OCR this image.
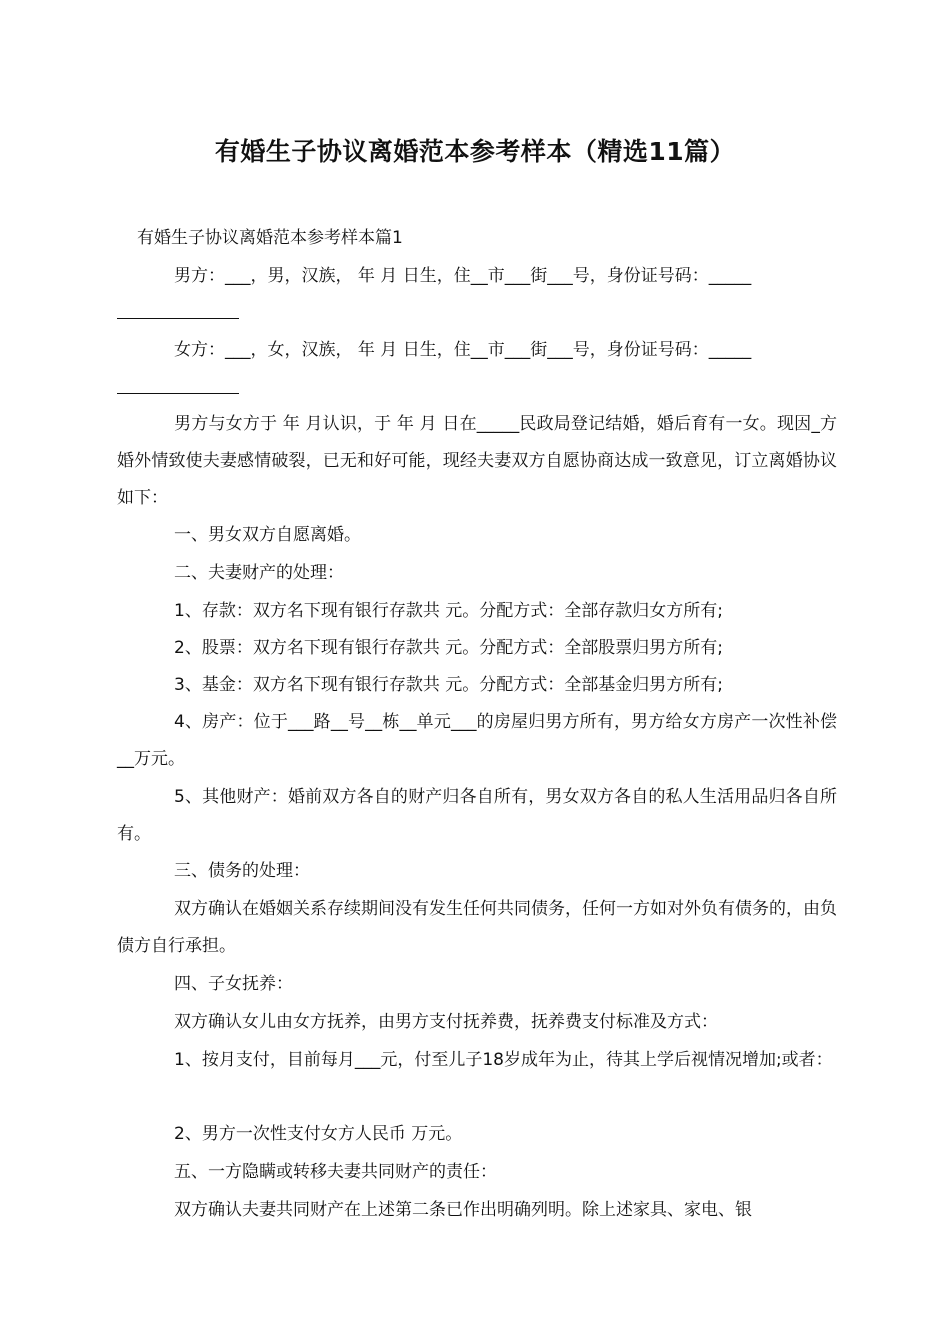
有婚生子协议离婚范本参考样本（精选11篇）
有婚生子协议离婚范本参考样本篇1
男方：___，男，汉族， 年 月 日生，住__市___街___号，身份证号码：_____
女方：___，女，汉族， 年 月 日生，住__市___街___号，身份证号码：_____
男方与女方于 年 月认识，于 年 月 日在_____民政局登记结婚，婚后育有一女。现因_方婚外情致使夫妻感情破裂，已无和好可能，现经夫妻双方自愿协商达成一致意见，订立离婚协议如下：
一、男女双方自愿离婚。
二、夫妻财产的处理：
1、存款：双方名下现有银行存款共 元。分配方式：全部存款归女方所有;
2、股票：双方名下现有银行存款共 元。分配方式：全部股票归男方所有;
3、基金：双方名下现有银行存款共 元。分配方式：全部基金归男方所有;
4、房产：位于___路__号__栋__单元___的房屋归男方所有，男方给女方房产一次性补偿__万元。
5、其他财产：婚前双方各自的财产归各自所有，男女双方各自的私人生活用品归各自所有。
三、债务的处理：
双方确认在婚姻关系存续期间没有发生任何共同债务，任何一方如对外负有债务的，由负债方自行承担。
四、子女抚养：
双方确认女儿由女方抚养，由男方支付抚养费，抚养费支付标准及方式：
1、按月支付，目前每月___元，付至儿子18岁成年为止，待其上学后视情况增加;或者：
2、男方一次性支付女方人民币 万元。
五、一方隐瞒或转移夫妻共同财产的责任：
双方确认夫妻共同财产在上述第二条已作出明确列明。除上述家具、家电、银
